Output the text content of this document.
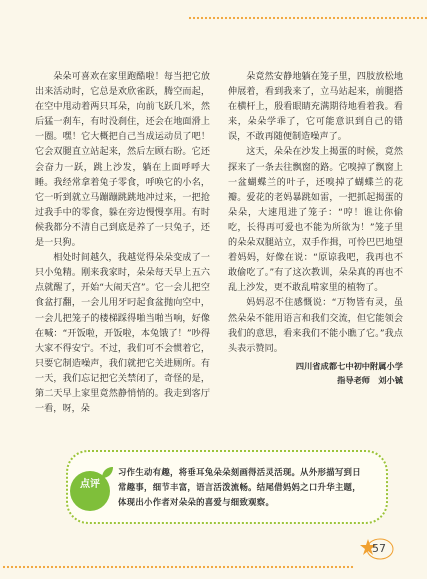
朵朵可喜欢在家里跑酷啦！每当把它放出来活动时，它总是欢欣雀跃，腾空而起，在空中甩动着两只耳朵，向前飞跃几米，然后猛一刹车，有时没刹住，还会在地面滑上一圈。嘿！它大概把自己当成运动员了吧！它会双腿直立站起来，然后左顾右盼。它还会奋力一跃，跳上沙发，躺在上面呼呼大睡。我经常拿着兔子零食，呼唤它的小名，它一听到就立马蹦蹦跳跳地冲过来，一把抢过我手中的零食，躲在旁边慢慢享用。有时候我都分不清自己到底是养了一只兔子，还是一只狗。

相处时间越久，我越觉得朵朵变成了一只小兔精。刚来我家时，朵朵每天早上五六点就醒了，开始“大闹天宫”。它一会儿把空食盆打翻，一会儿用牙叼起食盆抛向空中，一会儿把笼子的楼梯踩得啪当啪当响，好像在喊：“开饭啦，开饭啦，本兔饿了！”吵得大家不得安宁。不过，我们可不会惯着它，只要它制造噪声，我们就把它关进厕所。有一天，我们忘记把它关禁闭了，奇怪的是，第二天早上家里竟然静悄悄的。我走到客厅一看，呀，朵

朵竟然安静地躺在笼子里，四肢放松地伸展着，看到我来了，立马站起来，前腿搭在横杆上，殷看眼睛充满期待地看着我。看来，朵朵学乖了，它可能意识到自己的错误，不敢再随便制造噪声了。

这天，朵朵在沙发上揭蛋的时候，竟然探来了一条去往飘窗的路。它嗅掉了飘窗上一盆蝴蝶兰的叶子，还嗅掉了蝴蝶兰的花瓣。爱花的老妈暴跳如雷，一把抓起揭蛋的朵朵，大速甩进了笼子：“哼！谁让你偷吃，长得再可爱也不能为所欲为！”笼子里的朵朵双腿站立，双手作揖，可怜巴巴地望着妈妈，好像在说：“原谅我吧，我再也不敢偷吃了。”有了这次教训，朵朵真的再也不乱上沙发，更不敢乱啃家里的植物了。

妈妈忍不住感慨说：“万物皆有灵，虽然朵朵不能用语言和我们交流，但它能领会我们的意思，看来我们不能小瞧了它。”我点头表示赞同。

四川省成都七中初中附属小学
指导老师　刘小铖
点评
习作生动有趣，将垂耳兔朵朵刻画得活灵活现。从外形描写到日常趣事，细节丰富，语言活泼流畅。结尾借妈妈之口升华主题，体现出小作者对朵朵的喜爱与细致观察。
57
